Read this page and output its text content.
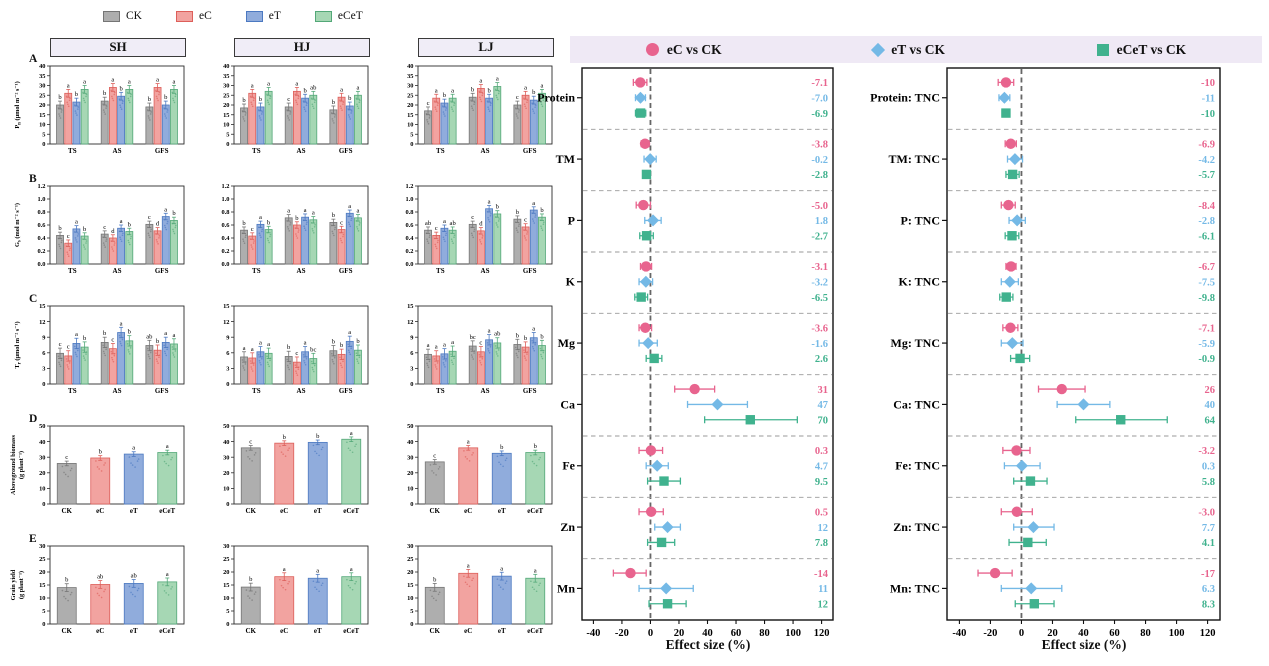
CK	eC	eT	eCeT
SH	HJ	LJ
A
B
C
D
E
0
5
10
15
20
25
30
35
40
$P_n$ (μmol m⁻² s⁻¹)
TS
b
a
b
a
AS
b
a
b
a
GFS
b
a
b
a
0
5
10
15
20
25
30
35
40
TS
b
a
b
a
AS
c
a
b ab
GFS
b
a
b
a
0
5
10
15
20
25
30
35
40
TS
c
a
b
a
AS
b
a
b
a
GFS
c
a
b
a
0.0
0.2
0.4
0.6
0.8
1.0
1.2
$G_s$ (mol m⁻² s⁻¹)
TS
b
c
a
b
AS
c
d
a b
GFS
c
d
a
b
0.0
0.2
0.4
0.6
0.8
1.0
1.2
TS
b
c
a
b
AS
a
b
a a
GFS
b
c
a
a
0.0
0.2
0.4
0.6
0.8
1.0
1.2
TS
ab
c
a ab
AS
c
d
a
b
GFS
b
c
a
b
0
3
6
9
12
15
$T_r$ (μmol m⁻² s⁻¹)
TS
c c
a
b
AS
b
c
a
b
GFS
ab
b
a a
0
3
6
9
12
15
TS
a a
a a
AS
b
c
a
bc
GFS
b
b
a
b
0
3
6
9
12
15
TS
a a a a
AS
bc
c
a ab
GFS
b b
a
b
0
10
20
30
40
50
Aboveground biomass (g plant⁻¹)
CK
c
eC
b
eT
a
eCeT
a
0
10
20
30
40
50
CK
c
eC
b
eT
b
eCeT
a
0
10
20
30
40
50
CK
c
eC
a
eT
b
eCeT
b
0
5
10
15
20
25
30
Grain yield (g plant⁻¹)
CK
b
eC
ab
eT
ab
eCeT
a
0
5
10
15
20
25
30
CK
b
eC
a
eT
a
eCeT
a
0
5
10
15
20
25
30
CK
b
eC
a
eT
a
eCeT
a
eC vs CK	eT vs CK	eCeT vs CK
Protein
-7.1
-7.0
-6.9
TM
-3.8
-0.2
-2.8
P
-5.0
1.8
-2.7
K
-3.1
-3.2
-6.5
Mg
-3.6
-1.6
2.6
Ca
31
47
70
Fe
0.3
4.7
9.5
Zn
0.5
12
7.8
Mn
-14
11
12
-40 -20 0 20 40 60 80 100 120
Protein: TNC
-10
-11
-10
TM: TNC
-6.9
-4.2
-5.7
P: TNC
-8.4
-2.8
-6.1
K: TNC
-6.7
-7.5
-9.8
Mg: TNC
-7.1
-5.9
-0.9
Ca: TNC
26
40
64
Fe: TNC
-3.2
0.3
5.8
Zn: TNC
-3.0
7.7
4.1
Mn: TNC
-17
6.3
8.3
-40 -20 0 20 40 60 80 100 120
Effect size (%)	Effect size (%)
